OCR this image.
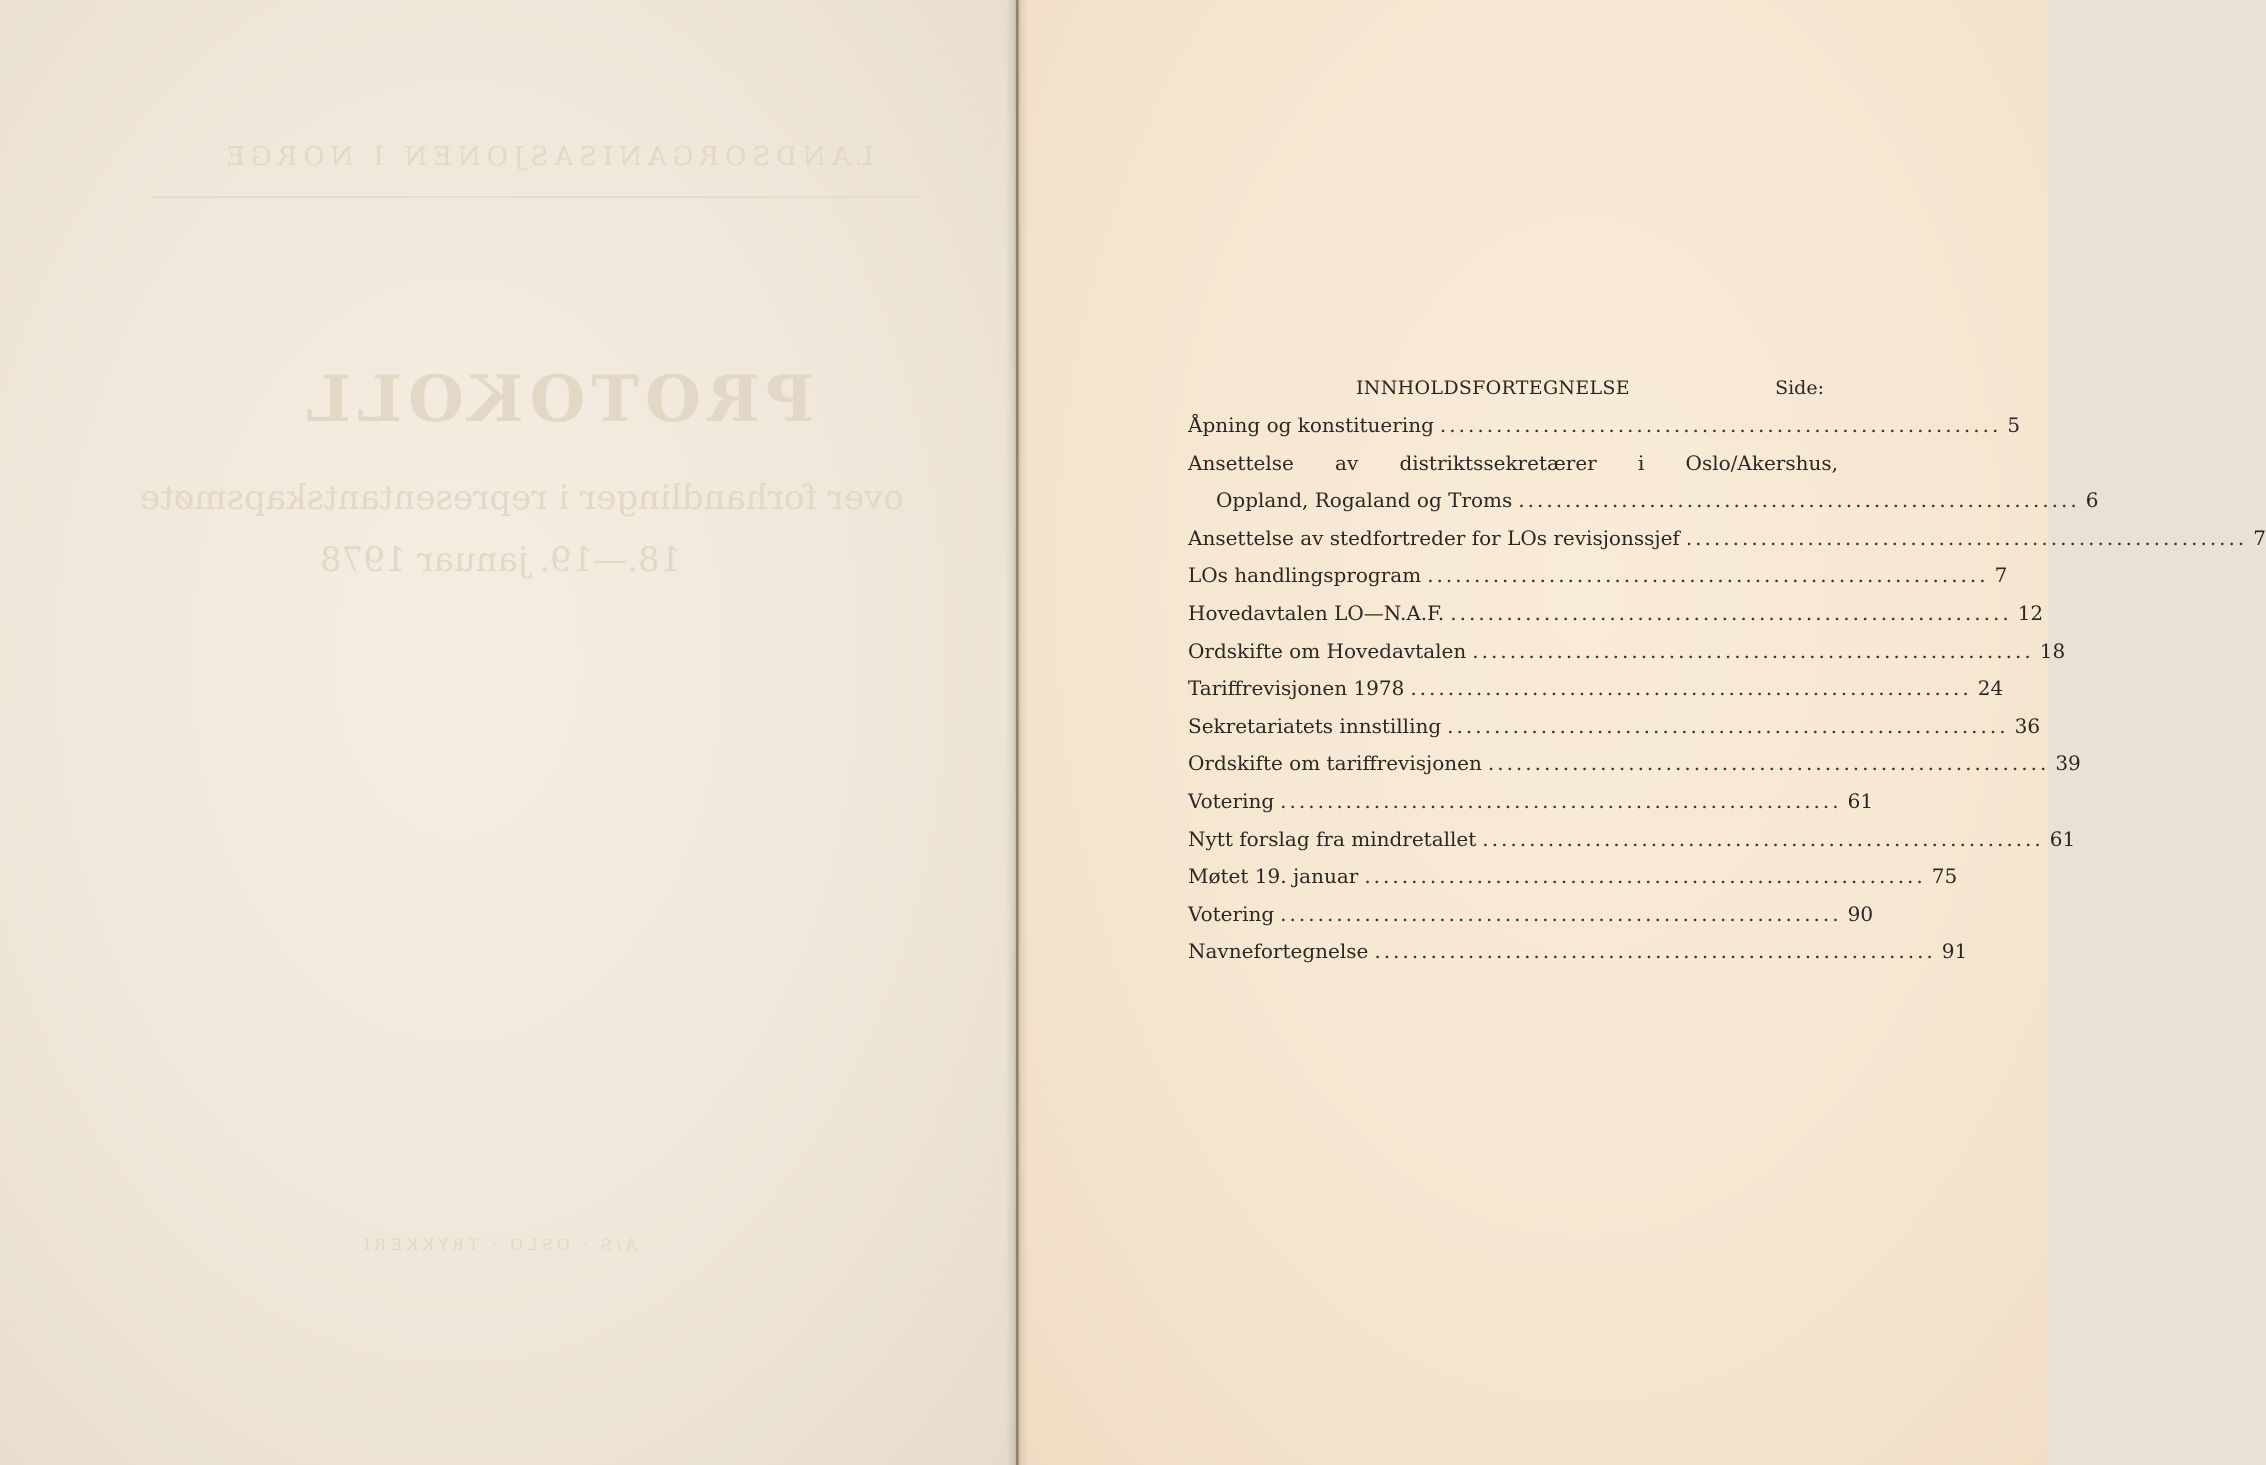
LANDSORGANISASJONEN I NORGE
PROTOKOLL
over forhandlinger i representantskapsmøte
18.—19. januar 1978
A/S · OSLO · TRYKKERI
INNHOLDSFORTEGNELSE	Side:
Åpning og konstituering ............................................................ 5
Ansettelse av distriktssekretærer i Oslo/Akershus,
Oppland, Rogaland og Troms ............................................................ 6
Ansettelse av stedfortreder for LOs revisjonssjef ............................................................ 7
LOs handlingsprogram ............................................................ 7
Hovedavtalen LO—N.A.F. ............................................................ 12
Ordskifte om Hovedavtalen ............................................................ 18
Tariffrevisjonen 1978 ............................................................ 24
Sekretariatets innstilling ............................................................ 36
Ordskifte om tariffrevisjonen ............................................................ 39
Votering ............................................................ 61
Nytt forslag fra mindretallet ............................................................ 61
Møtet 19. januar ............................................................ 75
Votering ............................................................ 90
Navnefortegnelse ............................................................ 91
